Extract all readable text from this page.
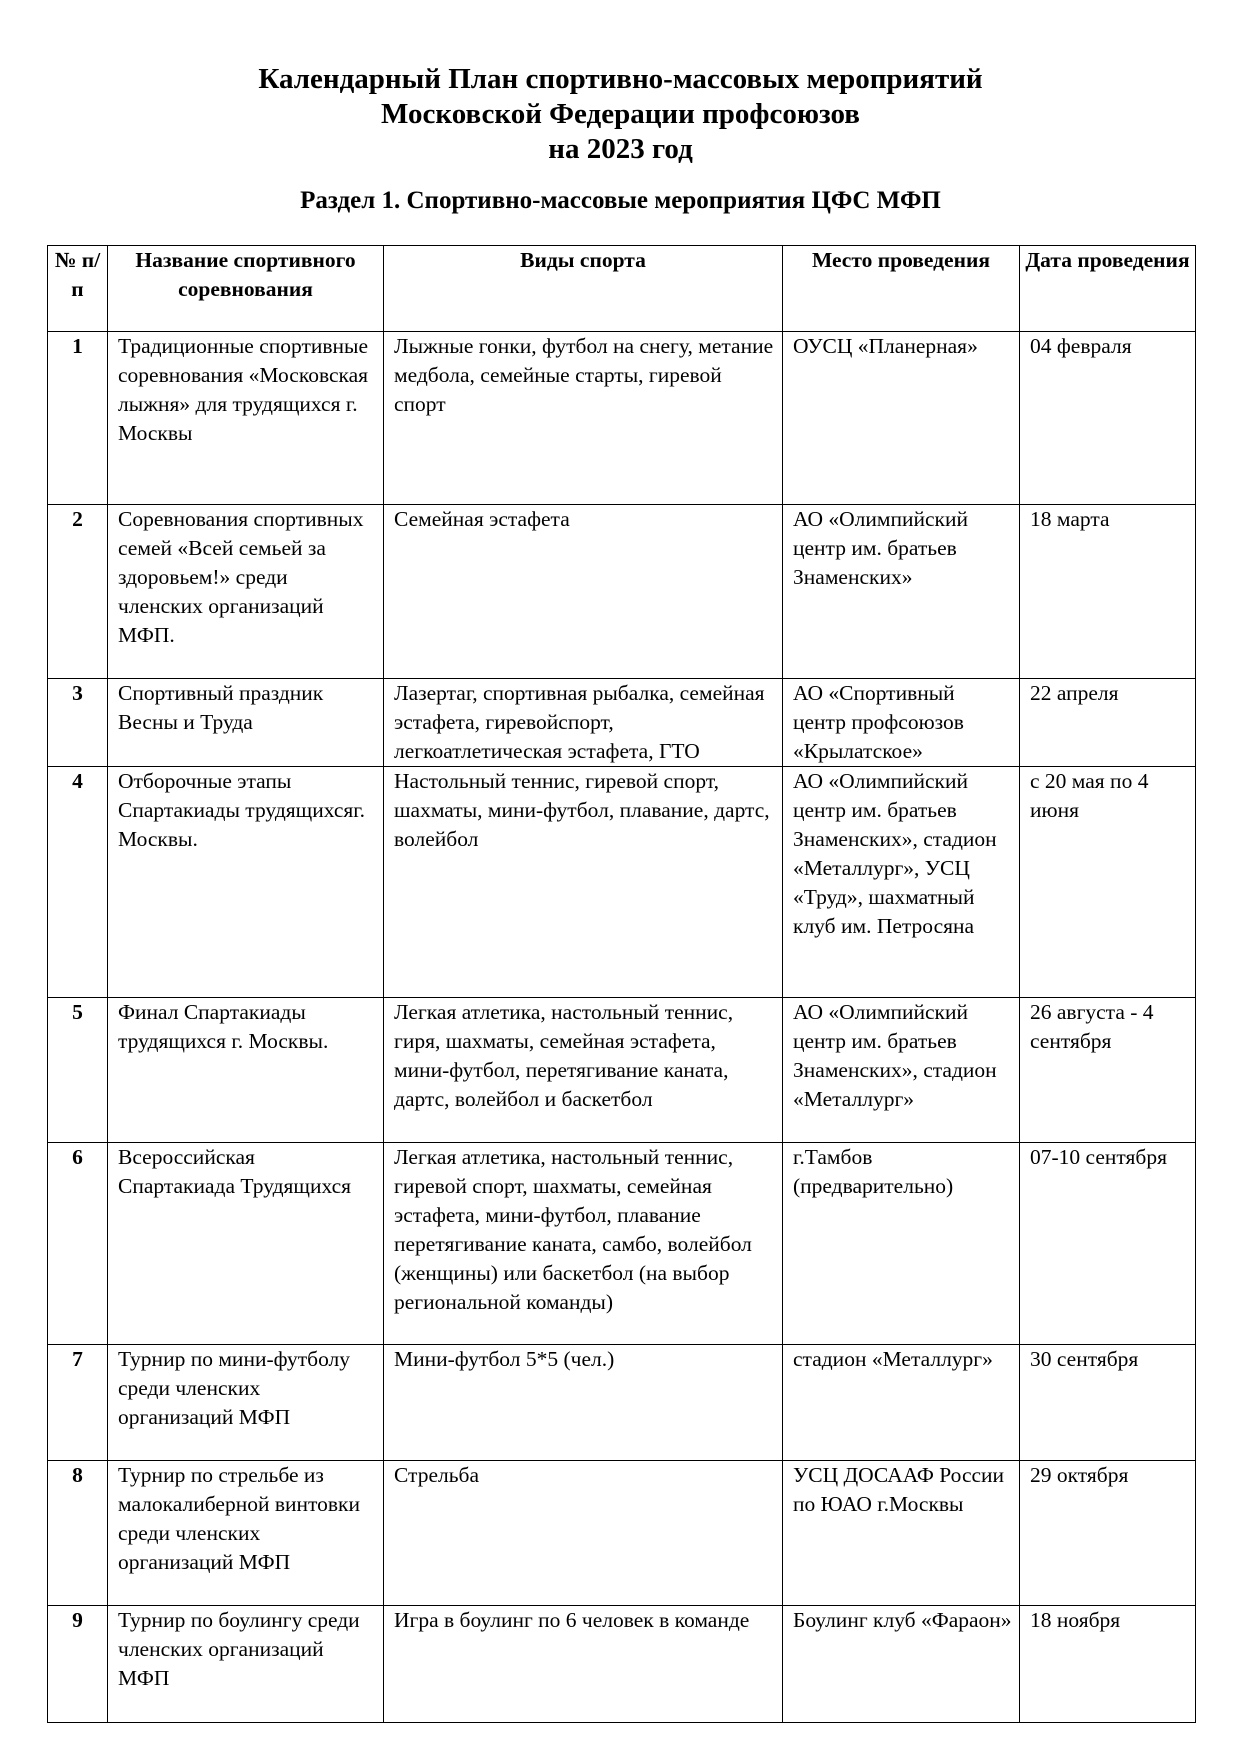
Календарный План спортивно-массовых мероприятий
Московской Федерации профсоюзов
на 2023 год
Раздел 1. Спортивно-массовые мероприятия ЦФС МФП
№ п/п	Название спортивного соревнования	Виды спорта	Место проведения	Дата проведения
1	Традиционные спортивные соревнования «Московская лыжня» для трудящихся г. Москвы	Лыжные гонки, футбол на снегу, метание медбола, семейные старты, гиревой спорт	ОУСЦ «Планерная»	04 февраля
2	Соревнования спортивных семей «Всей семьей за здоровьем!» среди членских организаций МФП.	Семейная эстафета	АО «Олимпийский центр им. братьев Знаменских»	18 марта
3	Спортивный праздник Весны и Труда	Лазертаг, спортивная рыбалка, семейная эстафета, гиревойспорт, легкоатлетическая эстафета, ГТО	АО «Спортивный центр профсоюзов «Крылатское»	22 апреля
4	Отборочные этапы Спартакиады трудящихсяг. Москвы.	Настольный теннис, гиревой спорт, шахматы, мини-футбол, плавание, дартс, волейбол	АО «Олимпийский центр им. братьев Знаменских», стадион «Металлург», УСЦ «Труд», шахматный клуб им. Петросяна	с 20 мая по 4 июня
5	Финал Спартакиады трудящихся г. Москвы.	Легкая атлетика, настольный теннис, гиря, шахматы, семейная эстафета, мини-футбол, перетягивание каната, дартс, волейбол и баскетбол	АО «Олимпийский центр им. братьев Знаменских», стадион «Металлург»	26 августа - 4 сентября
6	Всероссийская Спартакиада Трудящихся	Легкая атлетика, настольный теннис, гиревой спорт, шахматы, семейная эстафета, мини-футбол, плавание перетягивание каната, самбо, волейбол (женщины) или баскетбол (на выбор региональной команды)	г.Тамбов (предварительно)	07-10 сентября
7	Турнир по мини-футболу среди членских организаций МФП	Мини-футбол 5*5 (чел.)	стадион «Металлург»	30 сентября
8	Турнир по стрельбе из малокалиберной винтовки среди членских организаций МФП	Стрельба	УСЦ ДОСААФ России по ЮАО г.Москвы	29 октября
9	Турнир по боулингу среди членских организаций МФП	Игра в боулинг по 6 человек в команде	Боулинг клуб «Фараон»	18 ноября
